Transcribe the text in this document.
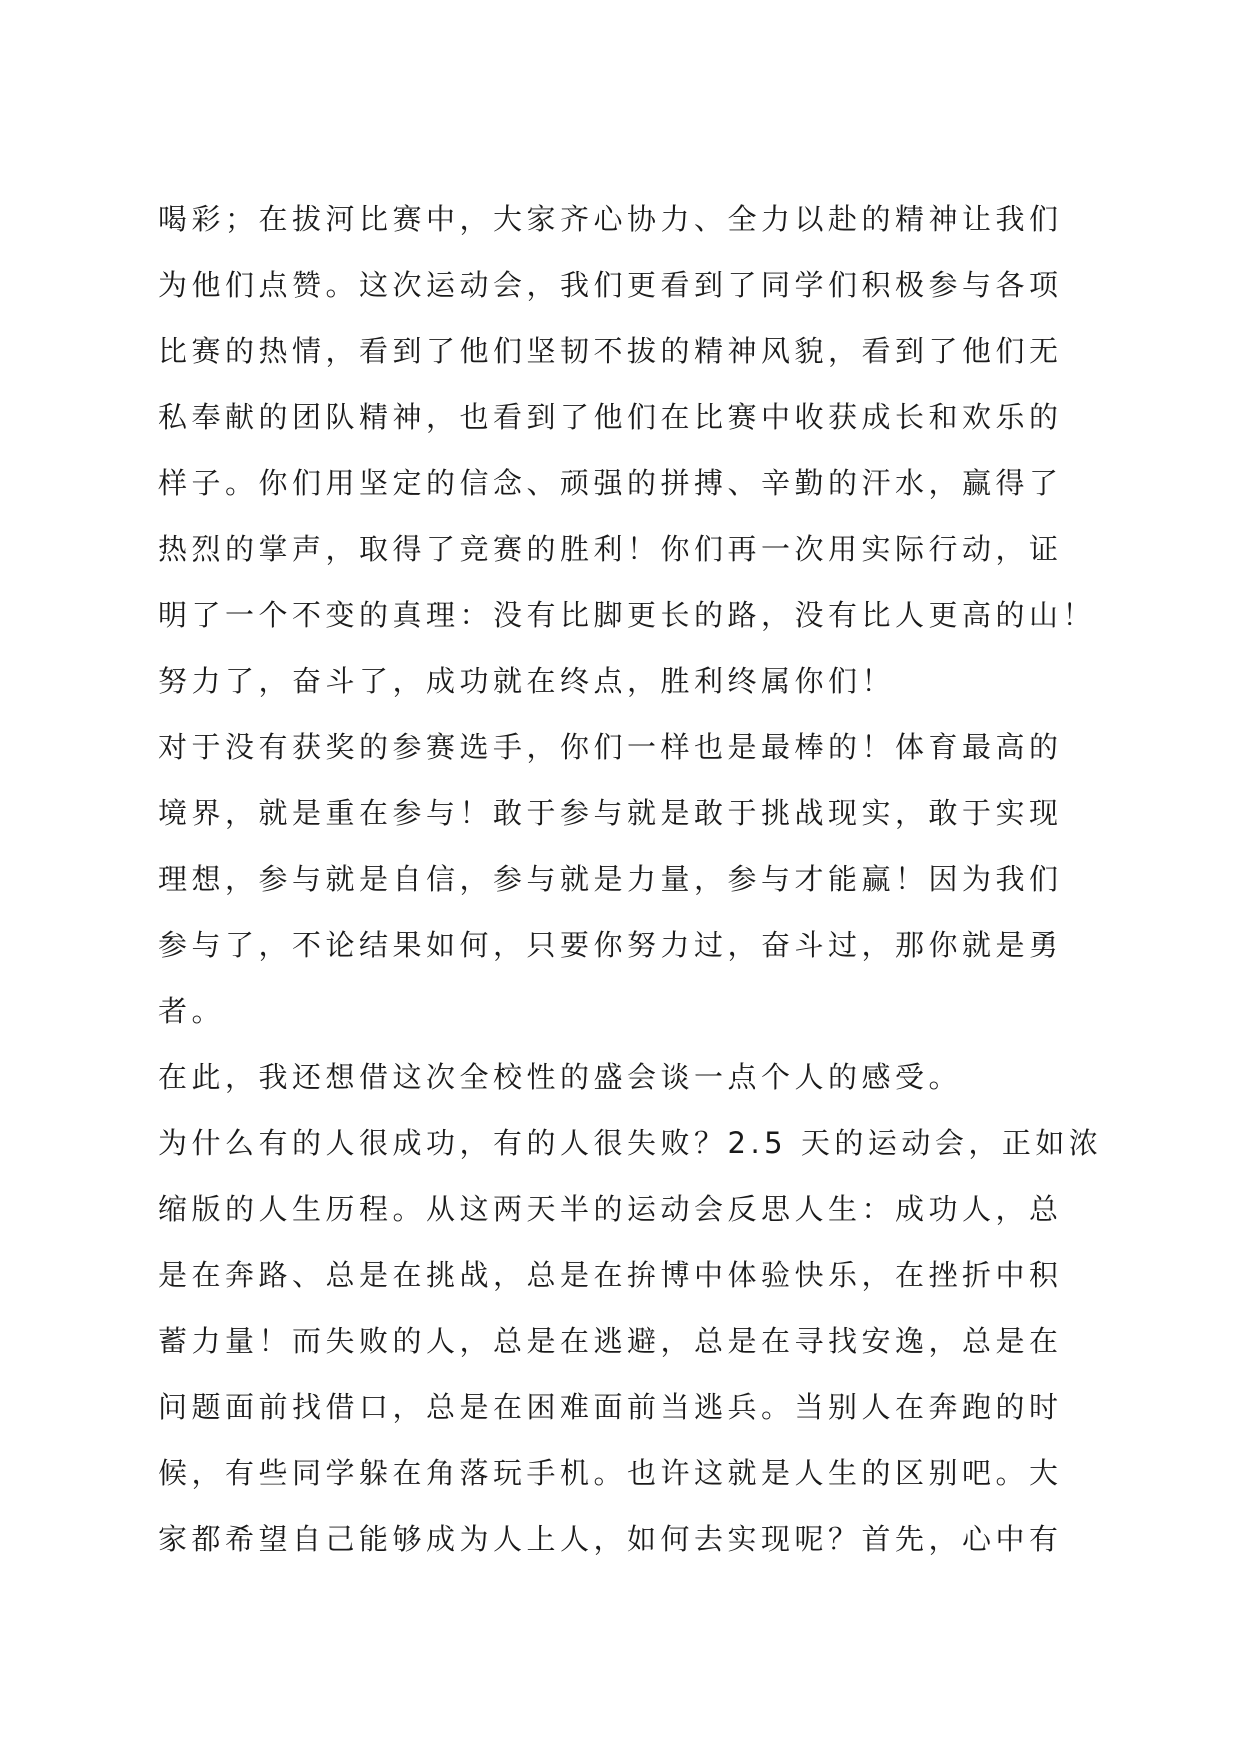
喝彩；在拔河比赛中，大家齐心协力、全力以赴的精神让我们
为他们点赞。这次运动会，我们更看到了同学们积极参与各项
比赛的热情，看到了他们坚韧不拔的精神风貌，看到了他们无
私奉献的团队精神，也看到了他们在比赛中收获成长和欢乐的
样子。你们用坚定的信念、顽强的拼搏、辛勤的汗水，赢得了
热烈的掌声，取得了竞赛的胜利！你们再一次用实际行动，证
明了一个不变的真理：没有比脚更长的路，没有比人更高的山！
努力了，奋斗了，成功就在终点，胜利终属你们！
对于没有获奖的参赛选手，你们一样也是最棒的！体育最高的
境界，就是重在参与！敢于参与就是敢于挑战现实，敢于实现
理想，参与就是自信，参与就是力量，参与才能赢！因为我们
参与了，不论结果如何，只要你努力过，奋斗过，那你就是勇
者。
在此，我还想借这次全校性的盛会谈一点个人的感受。
为什么有的人很成功，有的人很失败？2.5 天的运动会，正如浓
缩版的人生历程。从这两天半的运动会反思人生：成功人，总
是在奔路、总是在挑战，总是在拚博中体验快乐，在挫折中积
蓄力量！而失败的人，总是在逃避，总是在寻找安逸，总是在
问题面前找借口，总是在困难面前当逃兵。当别人在奔跑的时
候，有些同学躲在角落玩手机。也许这就是人生的区别吧。大
家都希望自己能够成为人上人，如何去实现呢？首先，心中有
